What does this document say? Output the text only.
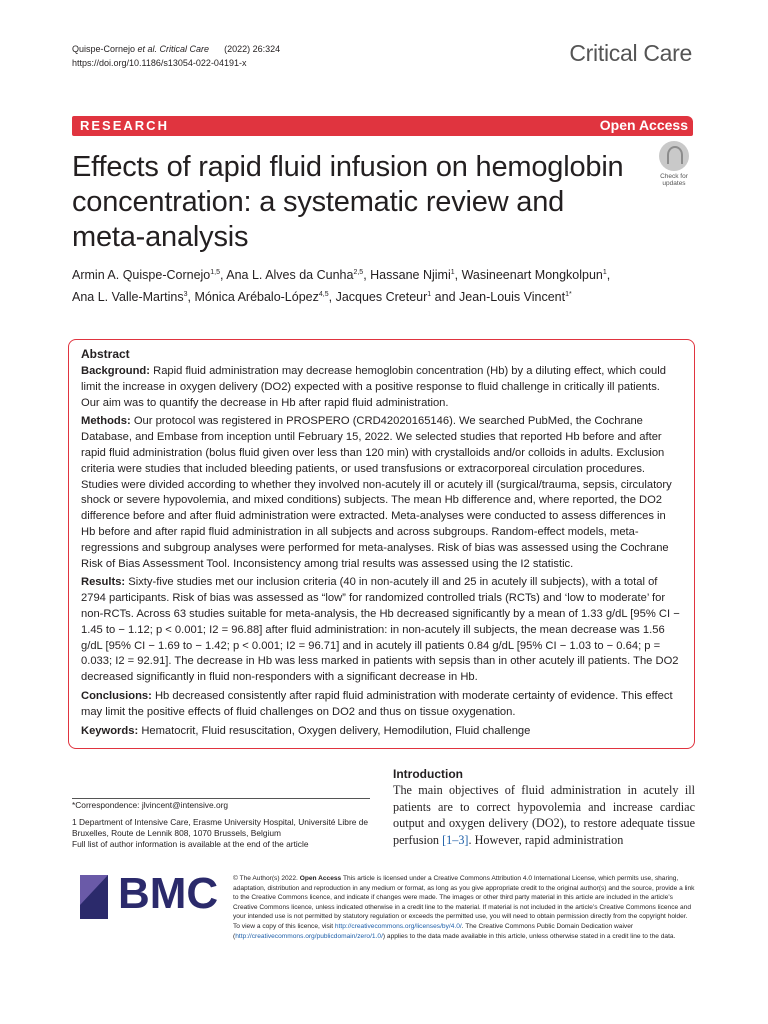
Quispe-Cornejo et al. Critical Care (2022) 26:324
https://doi.org/10.1186/s13054-022-04191-x	Critical Care
RESEARCH	Open Access
Effects of rapid fluid infusion on hemoglobin concentration: a systematic review and meta-analysis
Check for updates
Armin A. Quispe-Cornejo$^{1,5}$, Ana L. Alves da Cunha$^{2,5}$, Hassane Njimi$^1$, Wasineenart Mongkolpun$^1$,
Ana L. Valle-Martins$^3$, Mónica Arébalo-López$^{4,5}$, Jacques Creteur$^1$ and Jean-Louis Vincent$^{1*}$
Abstract

Background: Rapid fluid administration may decrease hemoglobin concentration (Hb) by a diluting effect, which could limit the increase in oxygen delivery (DO2) expected with a positive response to fluid challenge in critically ill patients. Our aim was to quantify the decrease in Hb after rapid fluid administration.

Methods: Our protocol was registered in PROSPERO (CRD42020165146). We searched PubMed, the Cochrane Database, and Embase from inception until February 15, 2022. We selected studies that reported Hb before and after rapid fluid administration (bolus fluid given over less than 120 min) with crystalloids and/or colloids in adults. Exclusion criteria were studies that included bleeding patients, or used transfusions or extracorporeal circulation procedures. Studies were divided according to whether they involved non-acutely ill or acutely ill (surgical/trauma, sepsis, circulatory shock or severe hypovolemia, and mixed conditions) subjects. The mean Hb difference and, where reported, the DO2 difference before and after fluid administration were extracted. Meta-analyses were conducted to assess differences in Hb before and after rapid fluid administration in all subjects and across subgroups. Random-effect models, meta-regressions and subgroup analyses were performed for meta-analyses. Risk of bias was assessed using the Cochrane Risk of Bias Assessment Tool. Inconsistency among trial results was assessed using the I2 statistic.

Results: Sixty-five studies met our inclusion criteria (40 in non-acutely ill and 25 in acutely ill subjects), with a total of 2794 participants. Risk of bias was assessed as “low” for randomized controlled trials (RCTs) and ‘low to moderate’ for non-RCTs. Across 63 studies suitable for meta-analysis, the Hb decreased significantly by a mean of 1.33 g/dL [95% CI − 1.45 to − 1.12; p < 0.001; I2 = 96.88] after fluid administration: in non-acutely ill subjects, the mean decrease was 1.56 g/dL [95% CI − 1.69 to − 1.42; p < 0.001; I2 = 96.71] and in acutely ill patients 0.84 g/dL [95% CI − 1.03 to − 0.64; p = 0.033; I2 = 92.91]. The decrease in Hb was less marked in patients with sepsis than in other acutely ill patients. The DO2 decreased significantly in fluid non-responders with a significant decrease in Hb.

Conclusions: Hb decreased consistently after rapid fluid administration with moderate certainty of evidence. This effect may limit the positive effects of fluid challenges on DO2 and thus on tissue oxygenation.

Keywords: Hematocrit, Fluid resuscitation, Oxygen delivery, Hemodilution, Fluid challenge

Introduction
The main objectives of fluid administration in acutely ill patients are to correct hypovolemia and increase cardiac output and oxygen delivery (DO2), to restore adequate tissue perfusion [1–3]. However, rapid administration
*Correspondence: jlvincent@intensive.org
1 Department of Intensive Care, Erasme University Hospital, Université Libre de Bruxelles, Route de Lennik 808, 1070 Brussels, Belgium
Full list of author information is available at the end of the article
BMC © The Author(s) 2022. Open Access This article is licensed under a Creative Commons Attribution 4.0 International License, which permits use, sharing, adaptation, distribution and reproduction in any medium or format, as long as you give appropriate credit to the original author(s) and the source, provide a link to the Creative Commons licence, and indicate if changes were made. The images or other third party material in this article are included in the article’s Creative Commons licence, unless indicated otherwise in a credit line to the material. If material is not included in the article’s Creative Commons licence and your intended use is not permitted by statutory regulation or exceeds the permitted use, you will need to obtain permission directly from the copyright holder. To view a copy of this licence, visit http://creativecommons.org/licenses/by/4.0/. The Creative Commons Public Domain Dedication waiver (http://creativecommons.org/publicdomain/zero/1.0/) applies to the data made available in this article, unless otherwise stated in a credit line to the data.
